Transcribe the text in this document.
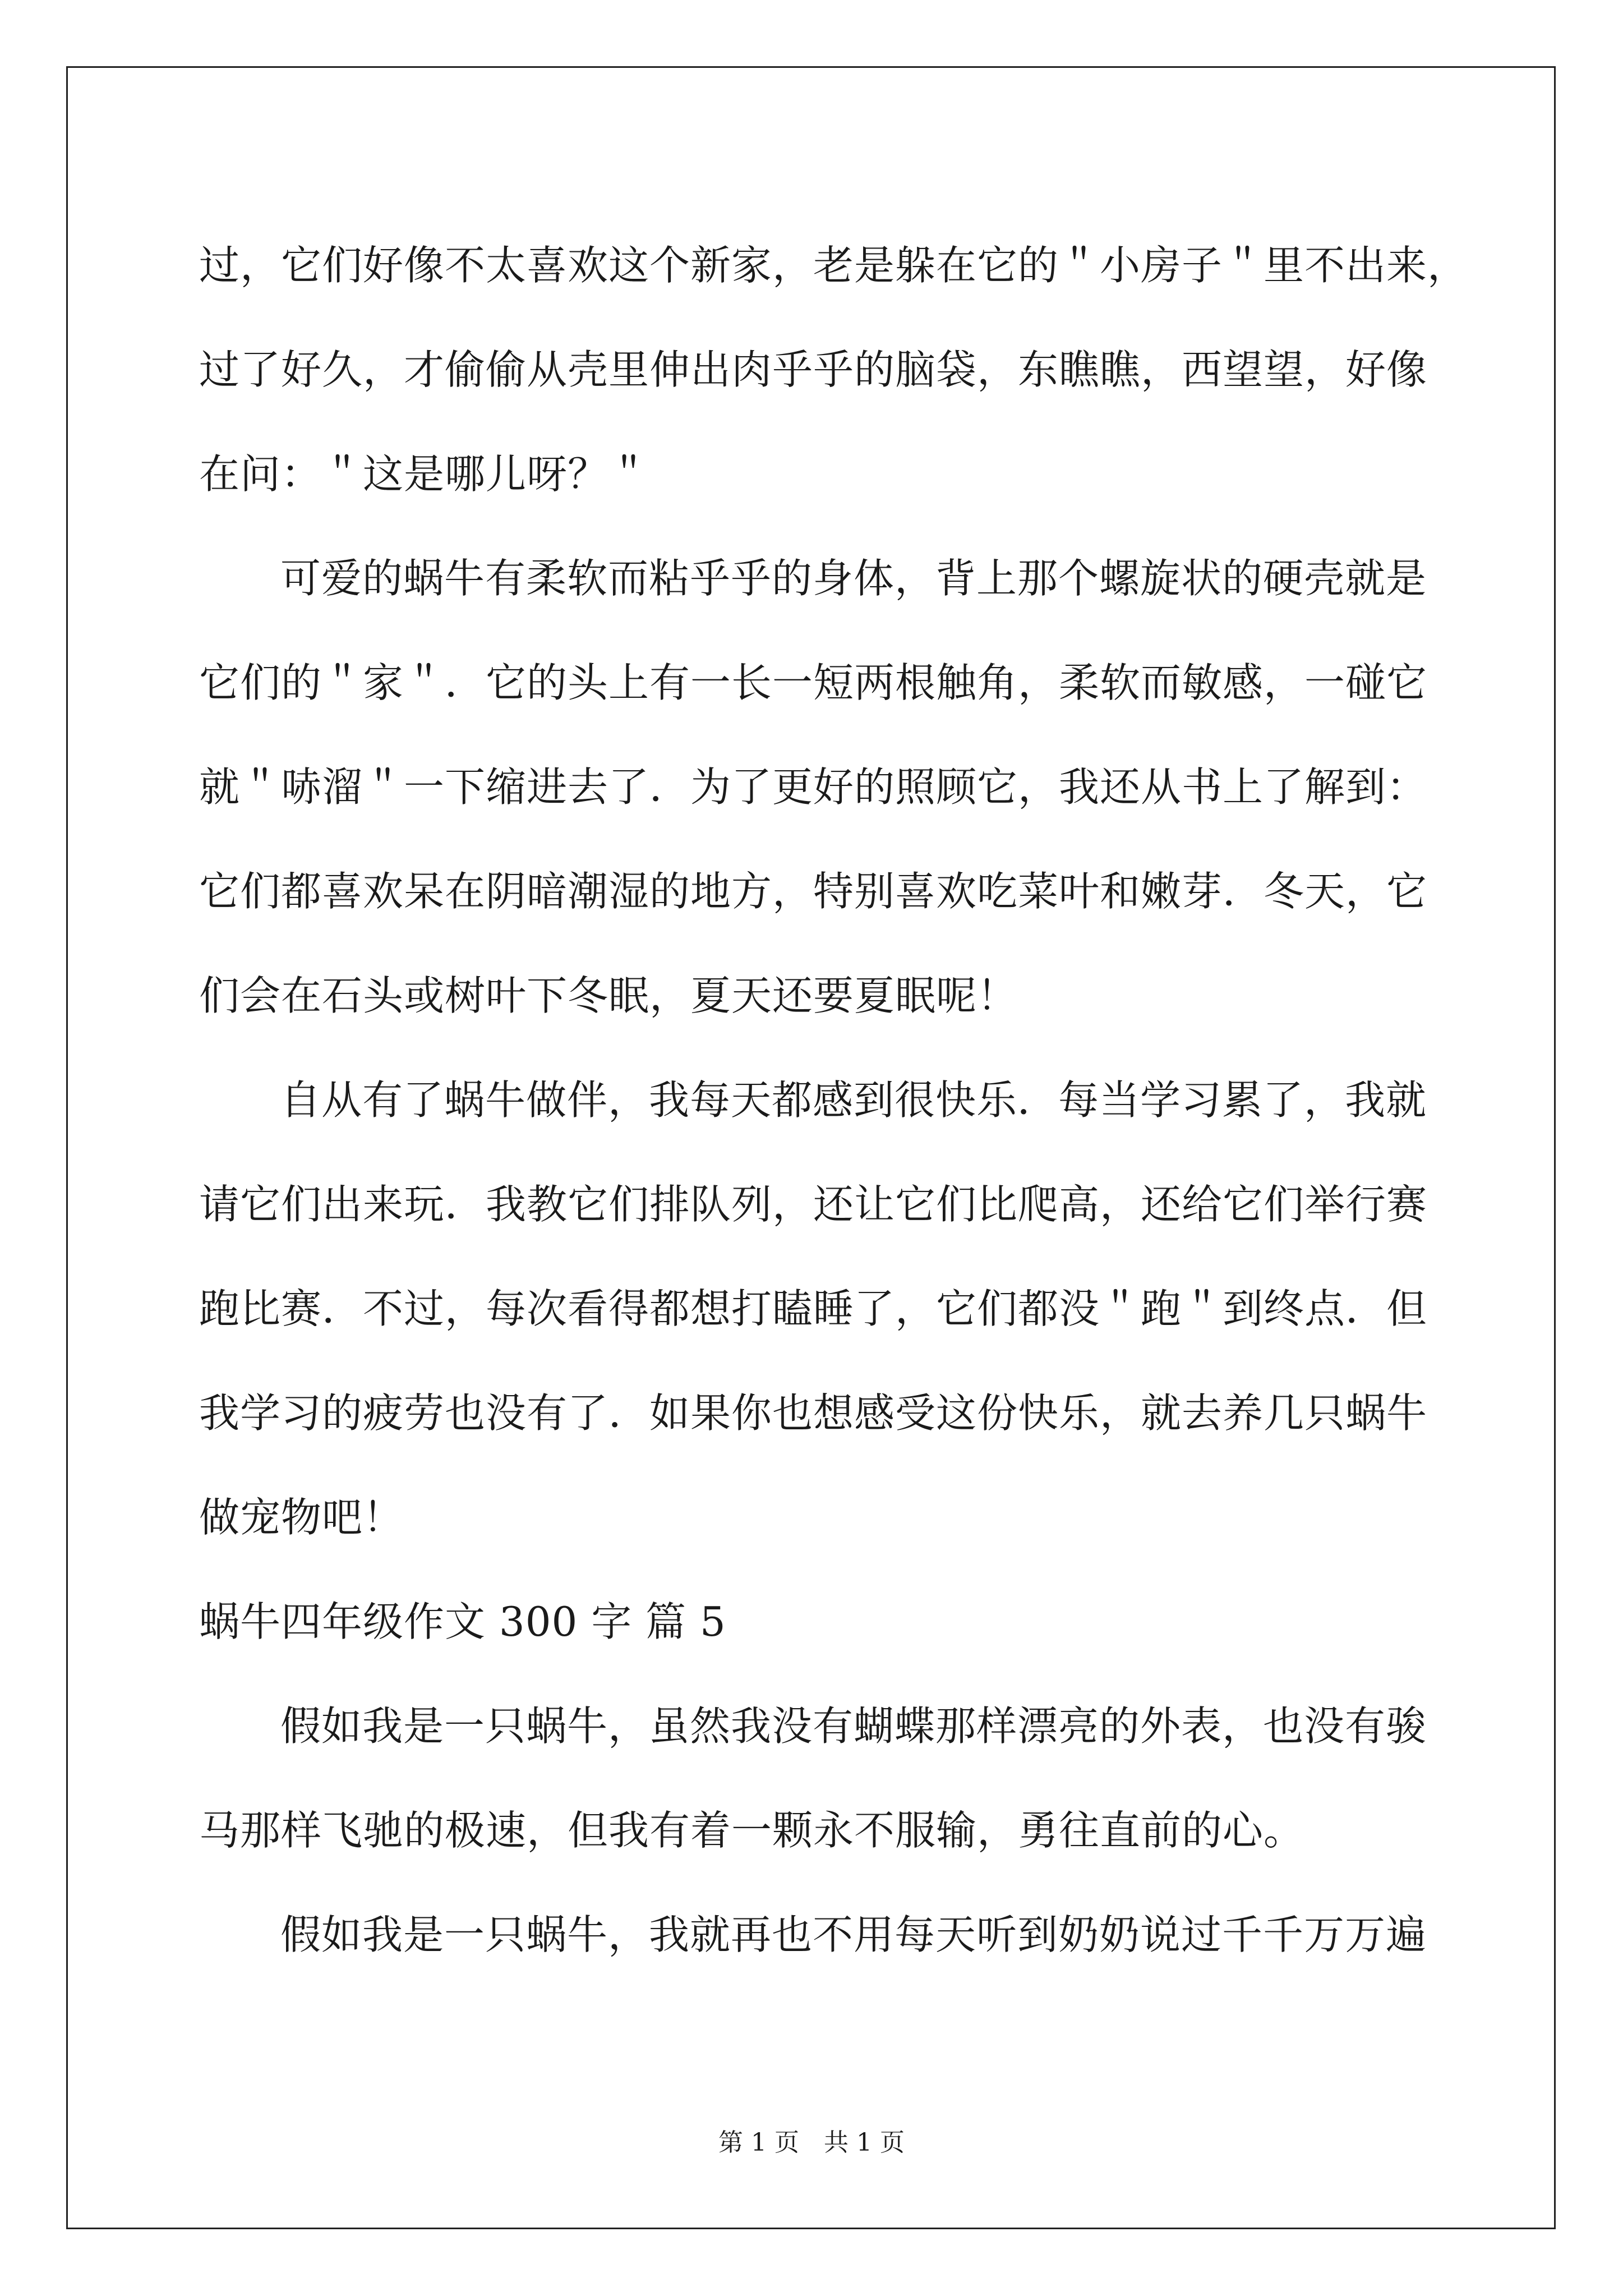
过，它们好像不太喜欢这个新家，老是躲在它的＂小房子＂里不出来，
过了好久，才偷偷从壳里伸出肉乎乎的脑袋，东瞧瞧，西望望，好像
在问：＂这是哪儿呀？＂
可爱的蜗牛有柔软而粘乎乎的身体，背上那个螺旋状的硬壳就是
它们的＂家＂．它的头上有一长一短两根触角，柔软而敏感，一碰它
就＂哧溜＂一下缩进去了．为了更好的照顾它，我还从书上了解到：
它们都喜欢呆在阴暗潮湿的地方，特别喜欢吃菜叶和嫩芽．冬天，它
们会在石头或树叶下冬眠，夏天还要夏眠呢！
自从有了蜗牛做伴，我每天都感到很快乐．每当学习累了，我就
请它们出来玩．我教它们排队列，还让它们比爬高，还给它们举行赛
跑比赛．不过，每次看得都想打瞌睡了，它们都没＂跑＂到终点．但
我学习的疲劳也没有了．如果你也想感受这份快乐，就去养几只蜗牛
做宠物吧！
蜗牛四年级作文 300 字 篇 5
假如我是一只蜗牛，虽然我没有蝴蝶那样漂亮的外表，也没有骏
马那样飞驰的极速，但我有着一颗永不服输，勇往直前的心。
假如我是一只蜗牛，我就再也不用每天听到奶奶说过千千万万遍
第 1 页　共 1 页
